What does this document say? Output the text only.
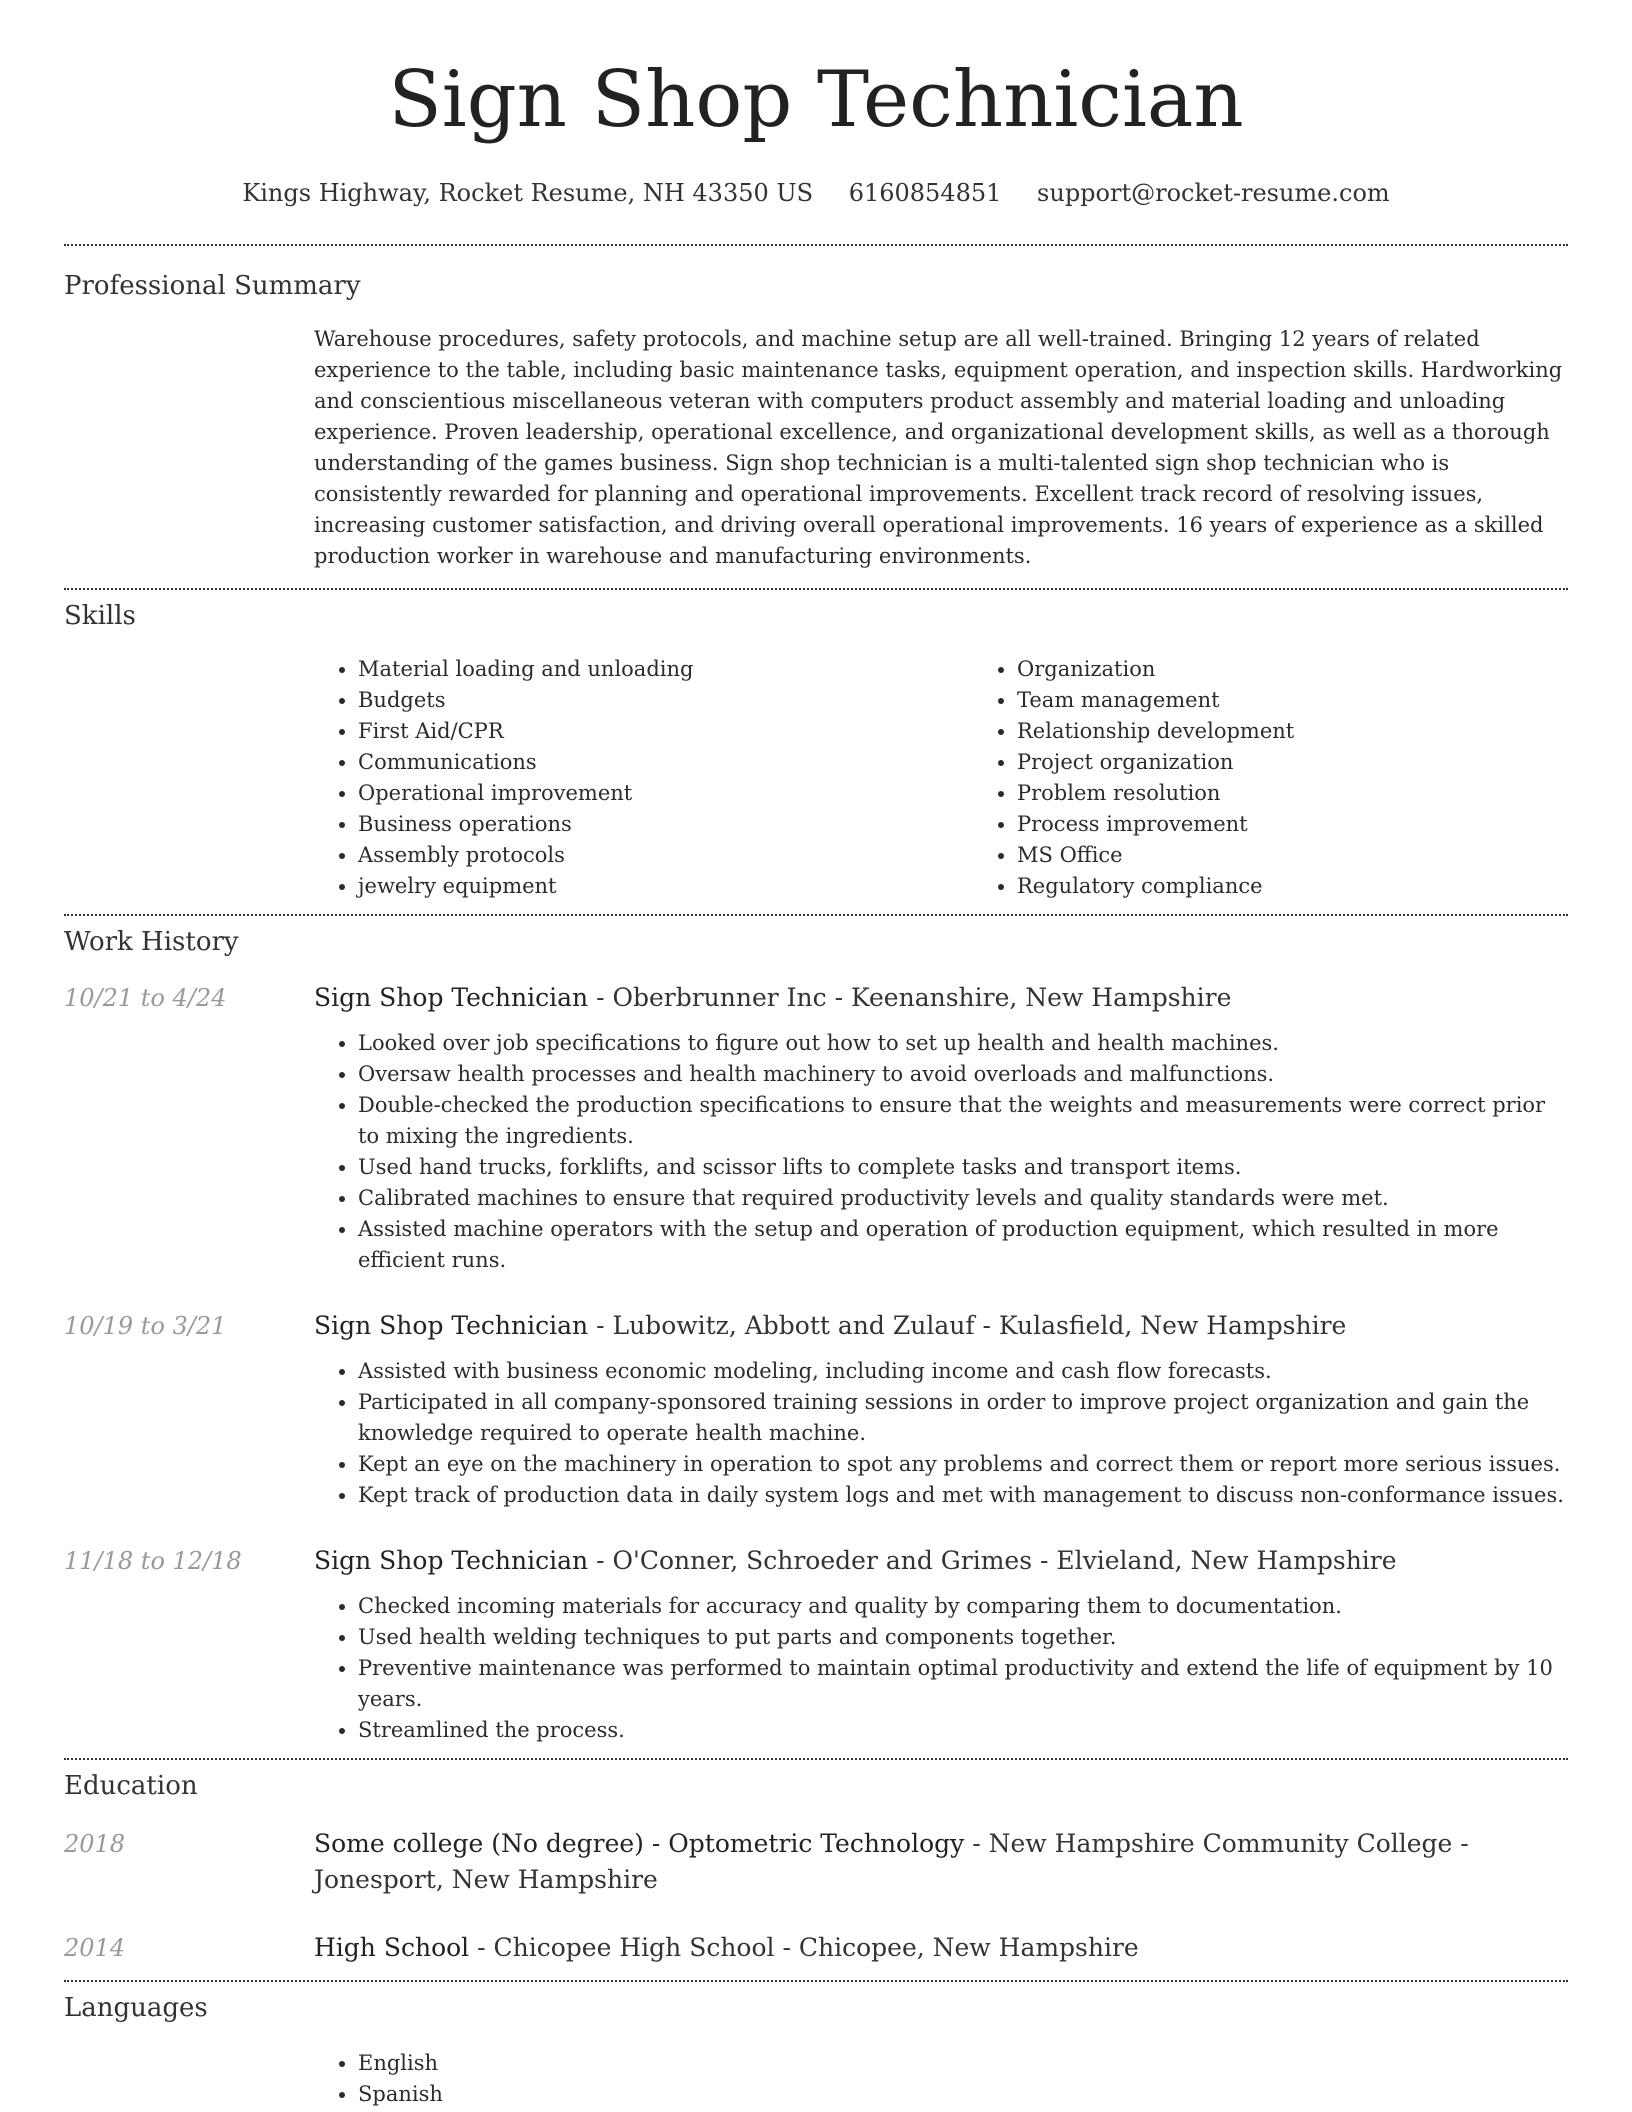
Sign Shop Technician
Kings Highway, Rocket Resume, NH 43350 US 6160854851 support@rocket-resume.com
Professional Summary

Warehouse procedures, safety protocols, and machine setup are all well-trained. Bringing 12 years of related experience to the table, including basic maintenance tasks, equipment operation, and inspection skills. Hardworking and conscientious miscellaneous veteran with computers product assembly and material loading and unloading experience. Proven leadership, operational excellence, and organizational development skills, as well as a thorough understanding of the games business. Sign shop technician is a multi-talented sign shop technician who is consistently rewarded for planning and operational improvements. Excellent track record of resolving issues, increasing customer satisfaction, and driving overall operational improvements. 16 years of experience as a skilled production worker in warehouse and manufacturing environments.

Skills
• Material loading and unloading
• Budgets
• First Aid/CPR
• Communications
• Operational improvement
• Business operations
• Assembly protocols
• jewelry equipment
• Organization
• Team management
• Relationship development
• Project organization
• Problem resolution
• Process improvement
• MS Office
• Regulatory compliance
Work History
10/21 to 4/24	Sign Shop Technician - Oberbrunner Inc - Keenanshire, New Hampshire

• Looked over job specifications to figure out how to set up health and health machines.
• Oversaw health processes and health machinery to avoid overloads and malfunctions.
• Double-checked the production specifications to ensure that the weights and measurements were correct prior to mixing the ingredients.
• Used hand trucks, forklifts, and scissor lifts to complete tasks and transport items.
• Calibrated machines to ensure that required productivity levels and quality standards were met.
• Assisted machine operators with the setup and operation of production equipment, which resulted in more efficient runs.
10/19 to 3/21	Sign Shop Technician - Lubowitz, Abbott and Zulauf - Kulasfield, New Hampshire

• Assisted with business economic modeling, including income and cash flow forecasts.
• Participated in all company-sponsored training sessions in order to improve project organization and gain the knowledge required to operate health machine.
• Kept an eye on the machinery in operation to spot any problems and correct them or report more serious issues.
• Kept track of production data in daily system logs and met with management to discuss non-conformance issues.
11/18 to 12/18	Sign Shop Technician - O'Conner, Schroeder and Grimes - Elvieland, New Hampshire

• Checked incoming materials for accuracy and quality by comparing them to documentation.
• Used health welding techniques to put parts and components together.
• Preventive maintenance was performed to maintain optimal productivity and extend the life of equipment by 10 years.
• Streamlined the process.
Education
2018	Some college (No degree) - Optometric Technology - New Hampshire Community College - Jonesport, New Hampshire

2014	High School - Chicopee High School - Chicopee, New Hampshire

Languages
• English
• Spanish
